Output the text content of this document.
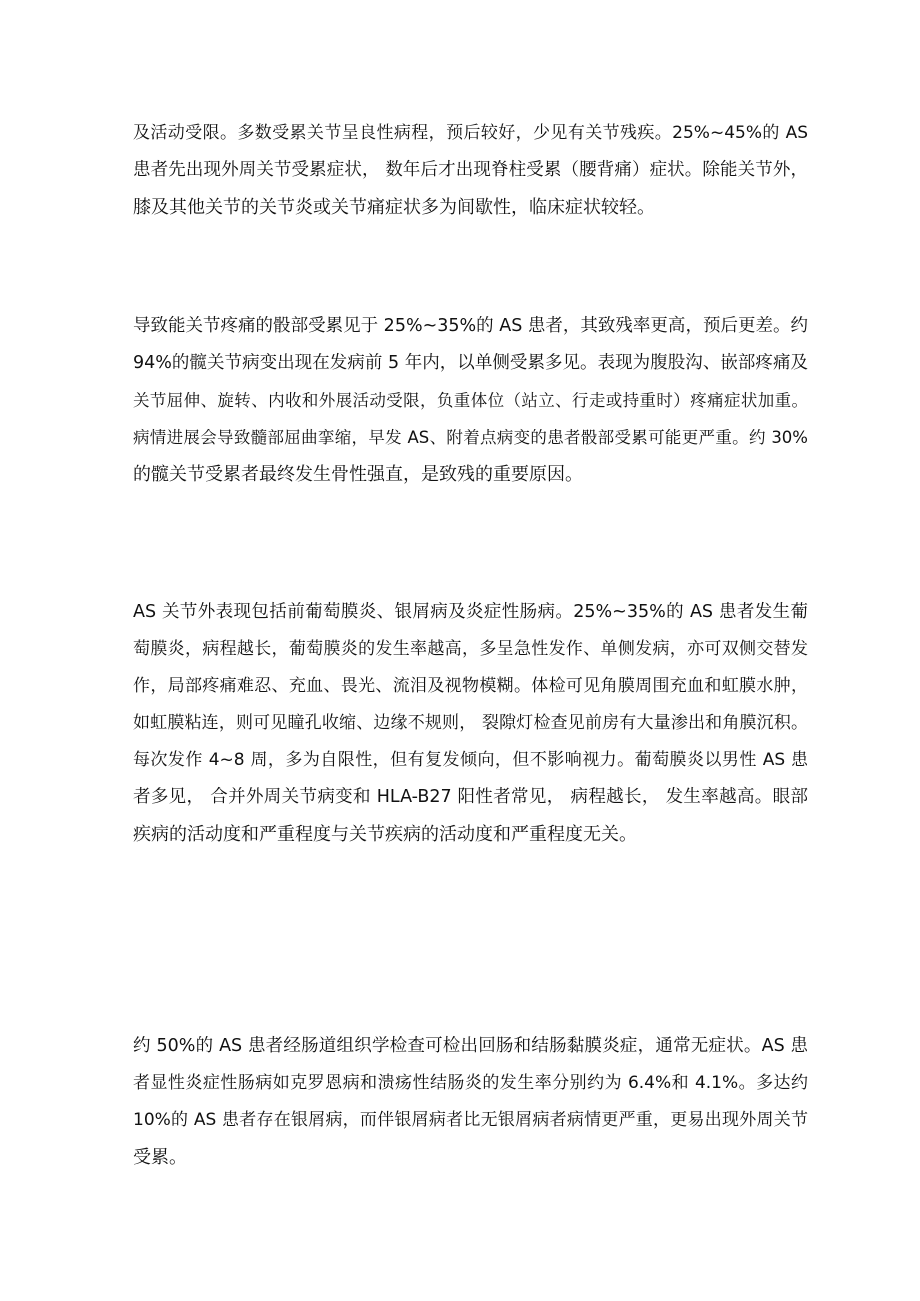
及活动受限。多数受累关节呈良性病程，预后较好，少见有关节残疾。25%~45%的 AS
患者先出现外周关节受累症状， 数年后才出现脊柱受累（腰背痛）症状。除能关节外，
膝及其他关节的关节炎或关节痛症状多为间歇性，临床症状较轻。
导致能关节疼痛的骰部受累见于 25%~35%的 AS 患者，其致残率更高，预后更差。约
94%的髋关节病变出现在发病前 5 年内，以单侧受累多见。表现为腹股沟、嵌部疼痛及
关节屈伸、旋转、内收和外展活动受限，负重体位（站立、行走或持重时）疼痛症状加重。
病情进展会导致髓部屈曲挛缩，早发 AS、附着点病变的患者骰部受累可能更严重。约 30%
的髋关节受累者最终发生骨性强直，是致残的重要原因。
AS 关节外表现包括前葡萄膜炎、银屑病及炎症性肠病。25%~35%的 AS 患者发生葡
萄膜炎，病程越长，葡萄膜炎的发生率越高，多呈急性发作、单侧发病，亦可双侧交替发
作，局部疼痛难忍、充血、畏光、流泪及视物模糊。体检可见角膜周围充血和虹膜水肿，
如虹膜粘连，则可见瞳孔收缩、边缘不规则， 裂隙灯检查见前房有大量渗出和角膜沉积。
每次发作 4~8 周，多为自限性，但有复发倾向，但不影响视力。葡萄膜炎以男性 AS 患
者多见， 合并外周关节病变和 HLA-B27 阳性者常见， 病程越长， 发生率越高。眼部
疾病的活动度和严重程度与关节疾病的活动度和严重程度无关。
约 50%的 AS 患者经肠道组织学检查可检出回肠和结肠黏膜炎症，通常无症状。AS 患
者显性炎症性肠病如克罗恩病和溃疡性结肠炎的发生率分别约为 6.4%和 4.1%。多达约
10%的 AS 患者存在银屑病，而伴银屑病者比无银屑病者病情更严重，更易出现外周关节
受累。
